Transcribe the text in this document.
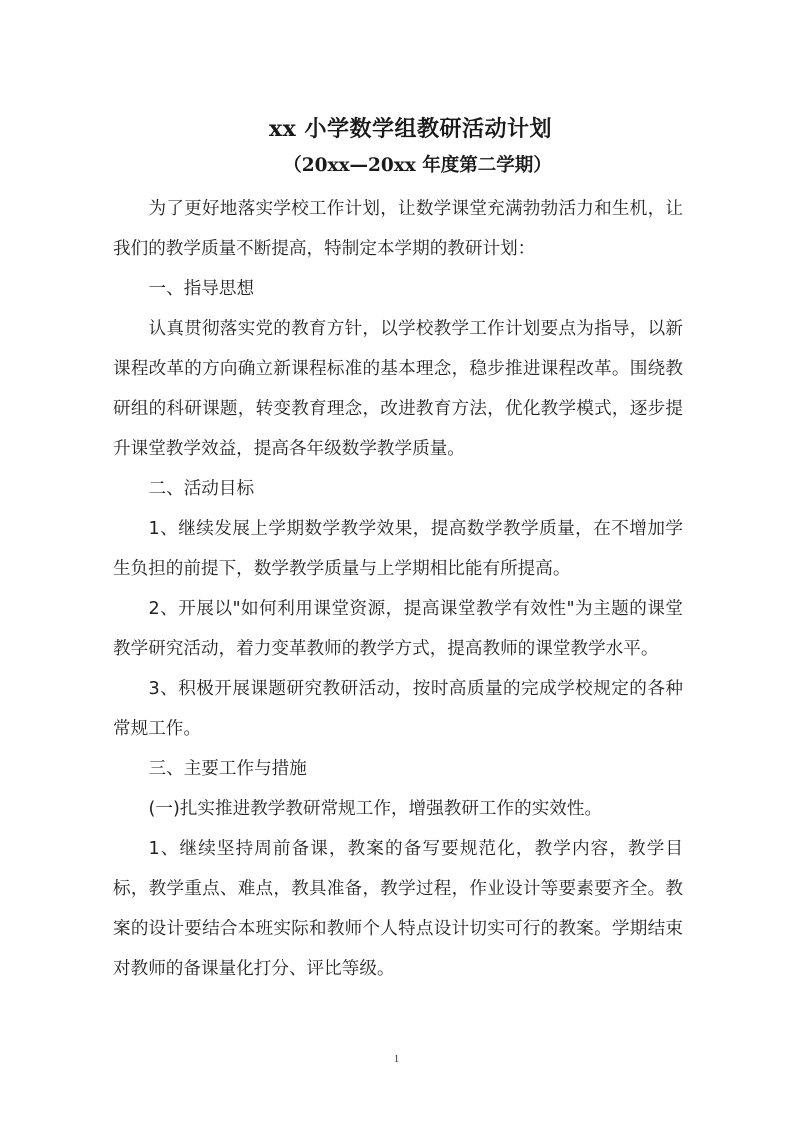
xx 小学数学组教研活动计划
（20xx—20xx 年度第二学期）

为了更好地落实学校工作计划，让数学课堂充满勃勃活力和生机，让我们的教学质量不断提高，特制定本学期的教研计划：

一、指导思想

认真贯彻落实党的教育方针，以学校教学工作计划要点为指导，以新课程改革的方向确立新课程标准的基本理念，稳步推进课程改革。围绕教研组的科研课题，转变教育理念，改进教育方法，优化教学模式，逐步提升课堂教学效益，提高各年级数学教学质量。

二、活动目标

1、继续发展上学期数学教学效果，提高数学教学质量，在不增加学生负担的前提下，数学教学质量与上学期相比能有所提高。

2、开展以"如何利用课堂资源，提高课堂教学有效性"为主题的课堂教学研究活动，着力变革教师的教学方式，提高教师的课堂教学水平。

3、积极开展课题研究教研活动，按时高质量的完成学校规定的各种常规工作。

三、主要工作与措施

(一)扎实推进教学教研常规工作，增强教研工作的实效性。

1、继续坚持周前备课，教案的备写要规范化，教学内容，教学目标，教学重点、难点，教具准备，教学过程，作业设计等要素要齐全。教案的设计要结合本班实际和教师个人特点设计切实可行的教案。学期结束对教师的备课量化打分、评比等级。

1
